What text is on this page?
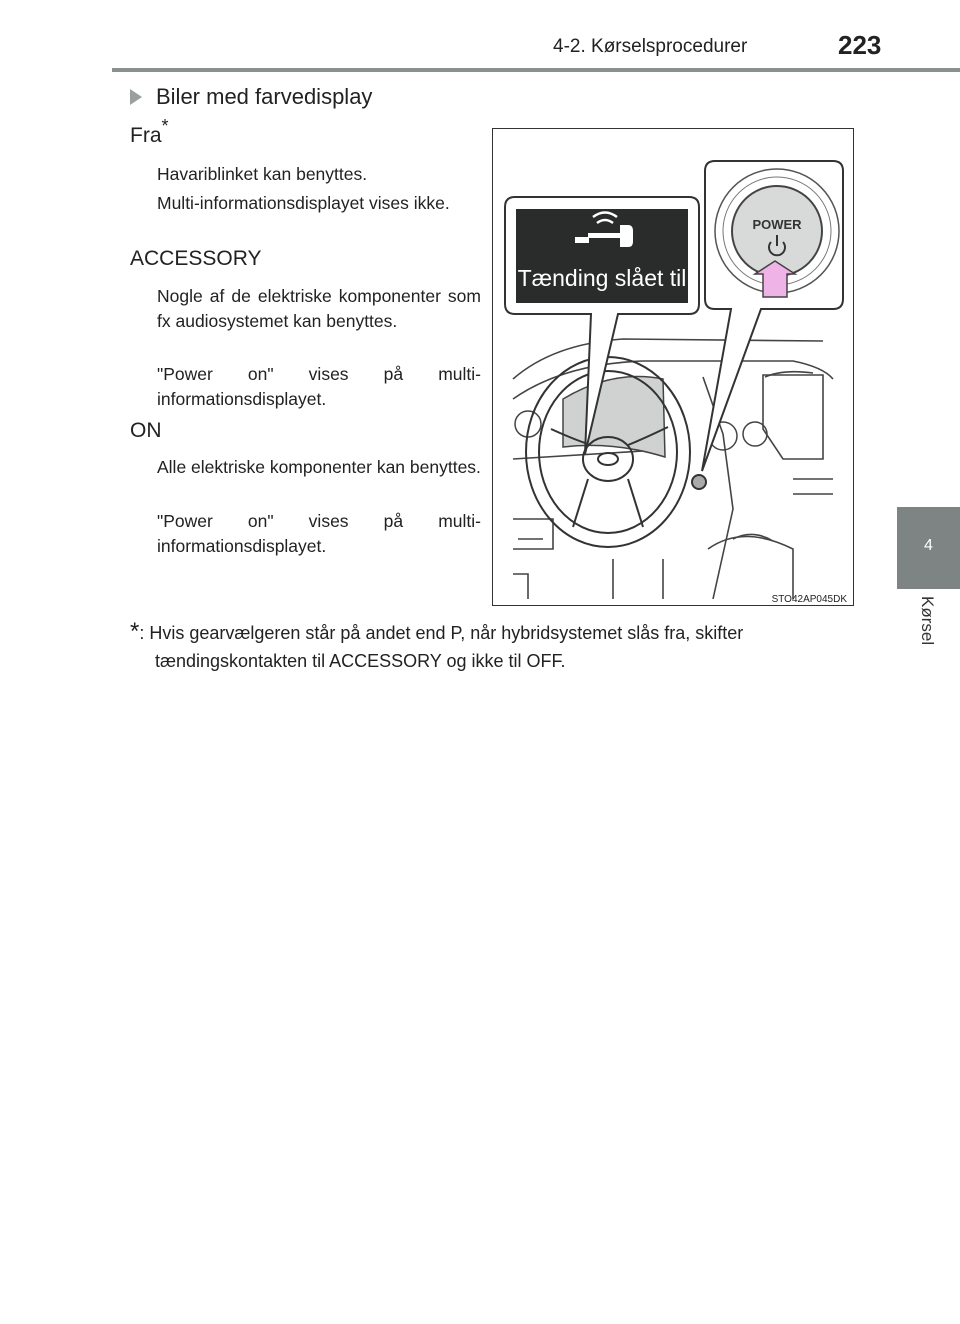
4-2. Kørselsprocedurer	223
4
Kørsel
Biler med farvedisplay
Fra*
Havariblinket kan benyttes.
Multi-informationsdisplayet vises ikke.
ACCESSORY
Nogle af de elektriske komponenter som fx audiosystemet kan benyttes.
"Power on" vises på multi-informationsdisplayet.
ON
Alle elektriske komponenter kan benyttes.
"Power on" vises på multi-informationsdisplayet.
Tænding slået til
POWER
STO42AP045DK
*: Hvis gearvælgeren står på andet end P, når hybridsystemet slås fra, skifter
tændingskontakten til ACCESSORY og ikke til OFF.
